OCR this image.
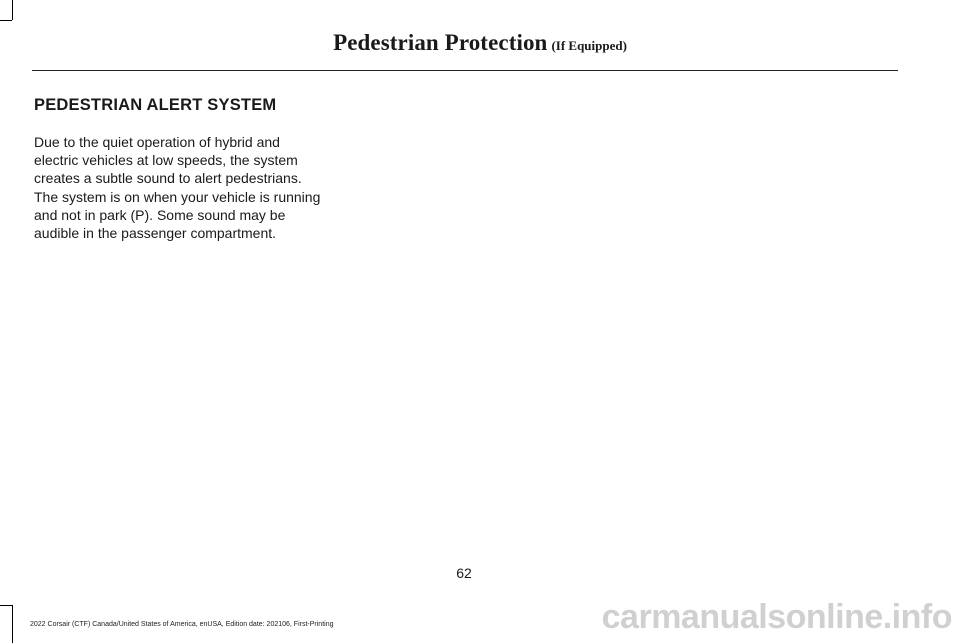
Pedestrian Protection (If Equipped)
PEDESTRIAN ALERT SYSTEM

Due to the quiet operation of hybrid and electric vehicles at low speeds, the system creates a subtle sound to alert pedestrians.

The system is on when your vehicle is running and not in park (P). Some sound may be audible in the passenger compartment.

62
2022 Corsair (CTF) Canada/United States of America, enUSA, Edition date: 202106, First-Printing	carmanualsonline.info
